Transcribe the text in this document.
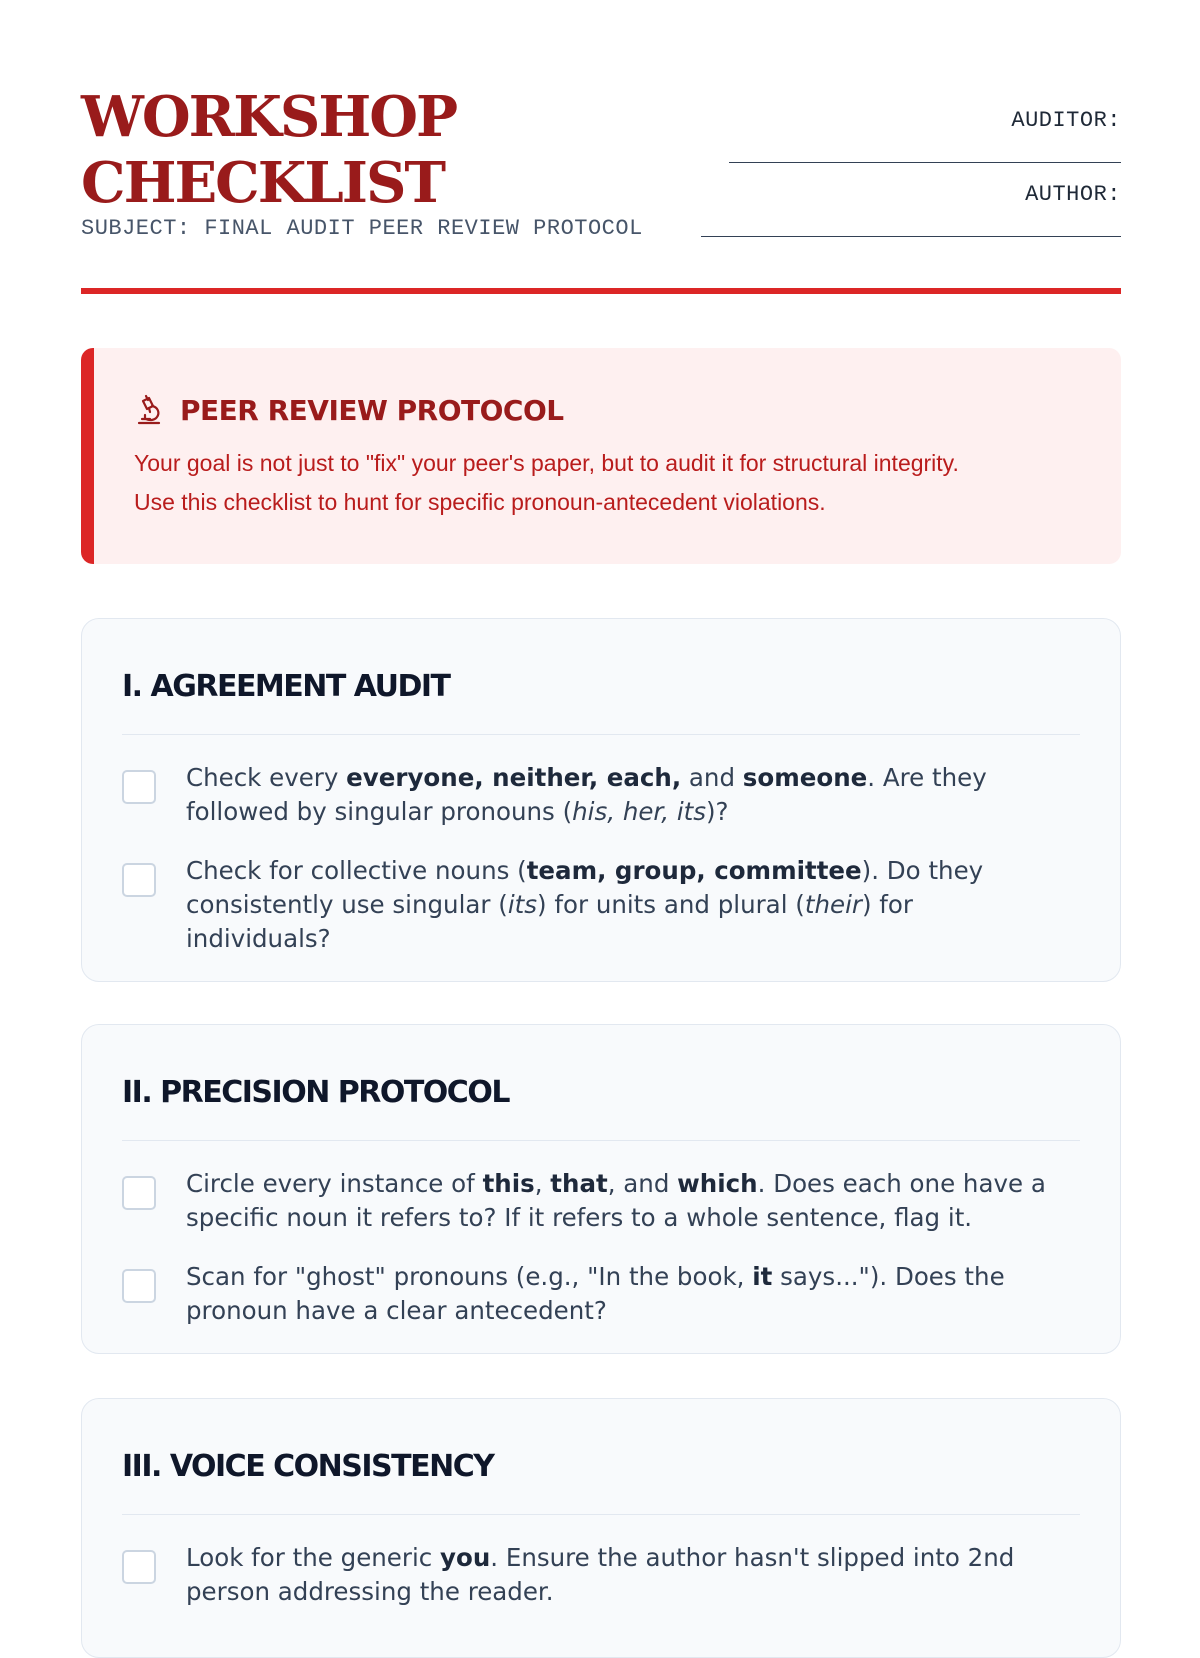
WORKSHOP
CHECKLIST
SUBJECT: FINAL AUDIT PEER REVIEW PROTOCOL
AUDITOR:
AUTHOR:
PEER REVIEW PROTOCOL
Your goal is not just to "fix" your peer's paper, but to audit it for structural integrity.
Use this checklist to hunt for specific pronoun-antecedent violations.
I. AGREEMENT AUDIT
Check every everyone, neither, each, and someone. Are they followed by singular pronouns (his, her, its)?
Check for collective nouns (team, group, committee). Do they consistently use singular (its) for units and plural (their) for individuals?
II. PRECISION PROTOCOL
Circle every instance of this, that, and which. Does each one have a specific noun it refers to? If it refers to a whole sentence, flag it.
Scan for "ghost" pronouns (e.g., "In the book, it says..."). Does the pronoun have a clear antecedent?
III. VOICE CONSISTENCY
Look for the generic you. Ensure the author hasn't slipped into 2nd person addressing the reader.
